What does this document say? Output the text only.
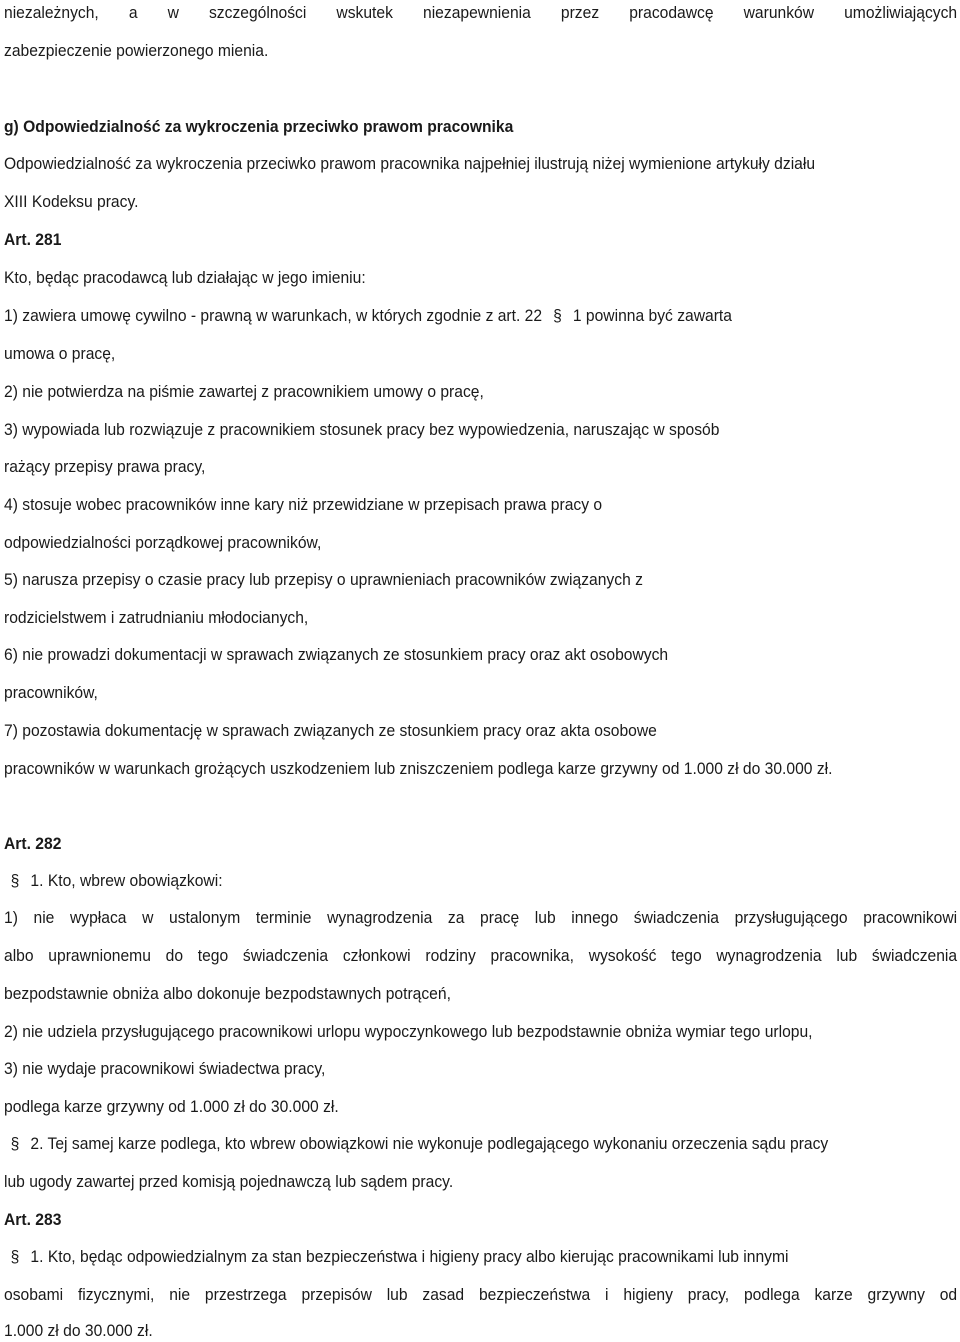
niezależnych, a w szczególności wskutek niezapewnienia przez pracodawcę warunków umożliwiających
zabezpieczenie powierzonego mienia.
g) Odpowiedzialność za wykroczenia przeciwko prawom pracownika
Odpowiedzialność za wykroczenia przeciwko prawom pracownika najpełniej ilustrują niżej wymienione artykuły działu
XIII Kodeksu pracy.
Art. 281
Kto, będąc pracodawcą lub działając w jego imieniu:
1) zawiera umowę cywilno - prawną w warunkach, w których zgodnie z art. 22 § 1 powinna być zawarta
umowa o pracę,
2) nie potwierdza na piśmie zawartej z pracownikiem umowy o pracę,
3) wypowiada lub rozwiązuje z pracownikiem stosunek pracy bez wypowiedzenia, naruszając w sposób
rażący przepisy prawa pracy,
4) stosuje wobec pracowników inne kary niż przewidziane w przepisach prawa pracy o
odpowiedzialności porządkowej pracowników,
5) narusza przepisy o czasie pracy lub przepisy o uprawnieniach pracowników związanych z
rodzicielstwem i zatrudnianiu młodocianych,
6) nie prowadzi dokumentacji w sprawach związanych ze stosunkiem pracy oraz akt osobowych
pracowników,
7) pozostawia dokumentację w sprawach związanych ze stosunkiem pracy oraz akta osobowe
pracowników w warunkach grożących uszkodzeniem lub zniszczeniem podlega karze grzywny od 1.000 zł do 30.000 zł.
Art. 282
§ 1. Kto, wbrew obowiązkowi:
1) nie wypłaca w ustalonym terminie wynagrodzenia za pracę lub innego świadczenia przysługującego pracownikowi
albo uprawnionemu do tego świadczenia członkowi rodziny pracownika, wysokość tego wynagrodzenia lub świadczenia
bezpodstawnie obniża albo dokonuje bezpodstawnych potrąceń,
2) nie udziela przysługującego pracownikowi urlopu wypoczynkowego lub bezpodstawnie obniża wymiar tego urlopu,
3) nie wydaje pracownikowi świadectwa pracy,
podlega karze grzywny od 1.000 zł do 30.000 zł.
§ 2. Tej samej karze podlega, kto wbrew obowiązkowi nie wykonuje podlegającego wykonaniu orzeczenia sądu pracy
lub ugody zawartej przed komisją pojednawczą lub sądem pracy.
Art. 283
§ 1. Kto, będąc odpowiedzialnym za stan bezpieczeństwa i higieny pracy albo kierując pracownikami lub innymi
osobami fizycznymi, nie przestrzega przepisów lub zasad bezpieczeństwa i higieny pracy, podlega karze grzywny od
1.000 zł do 30.000 zł.
